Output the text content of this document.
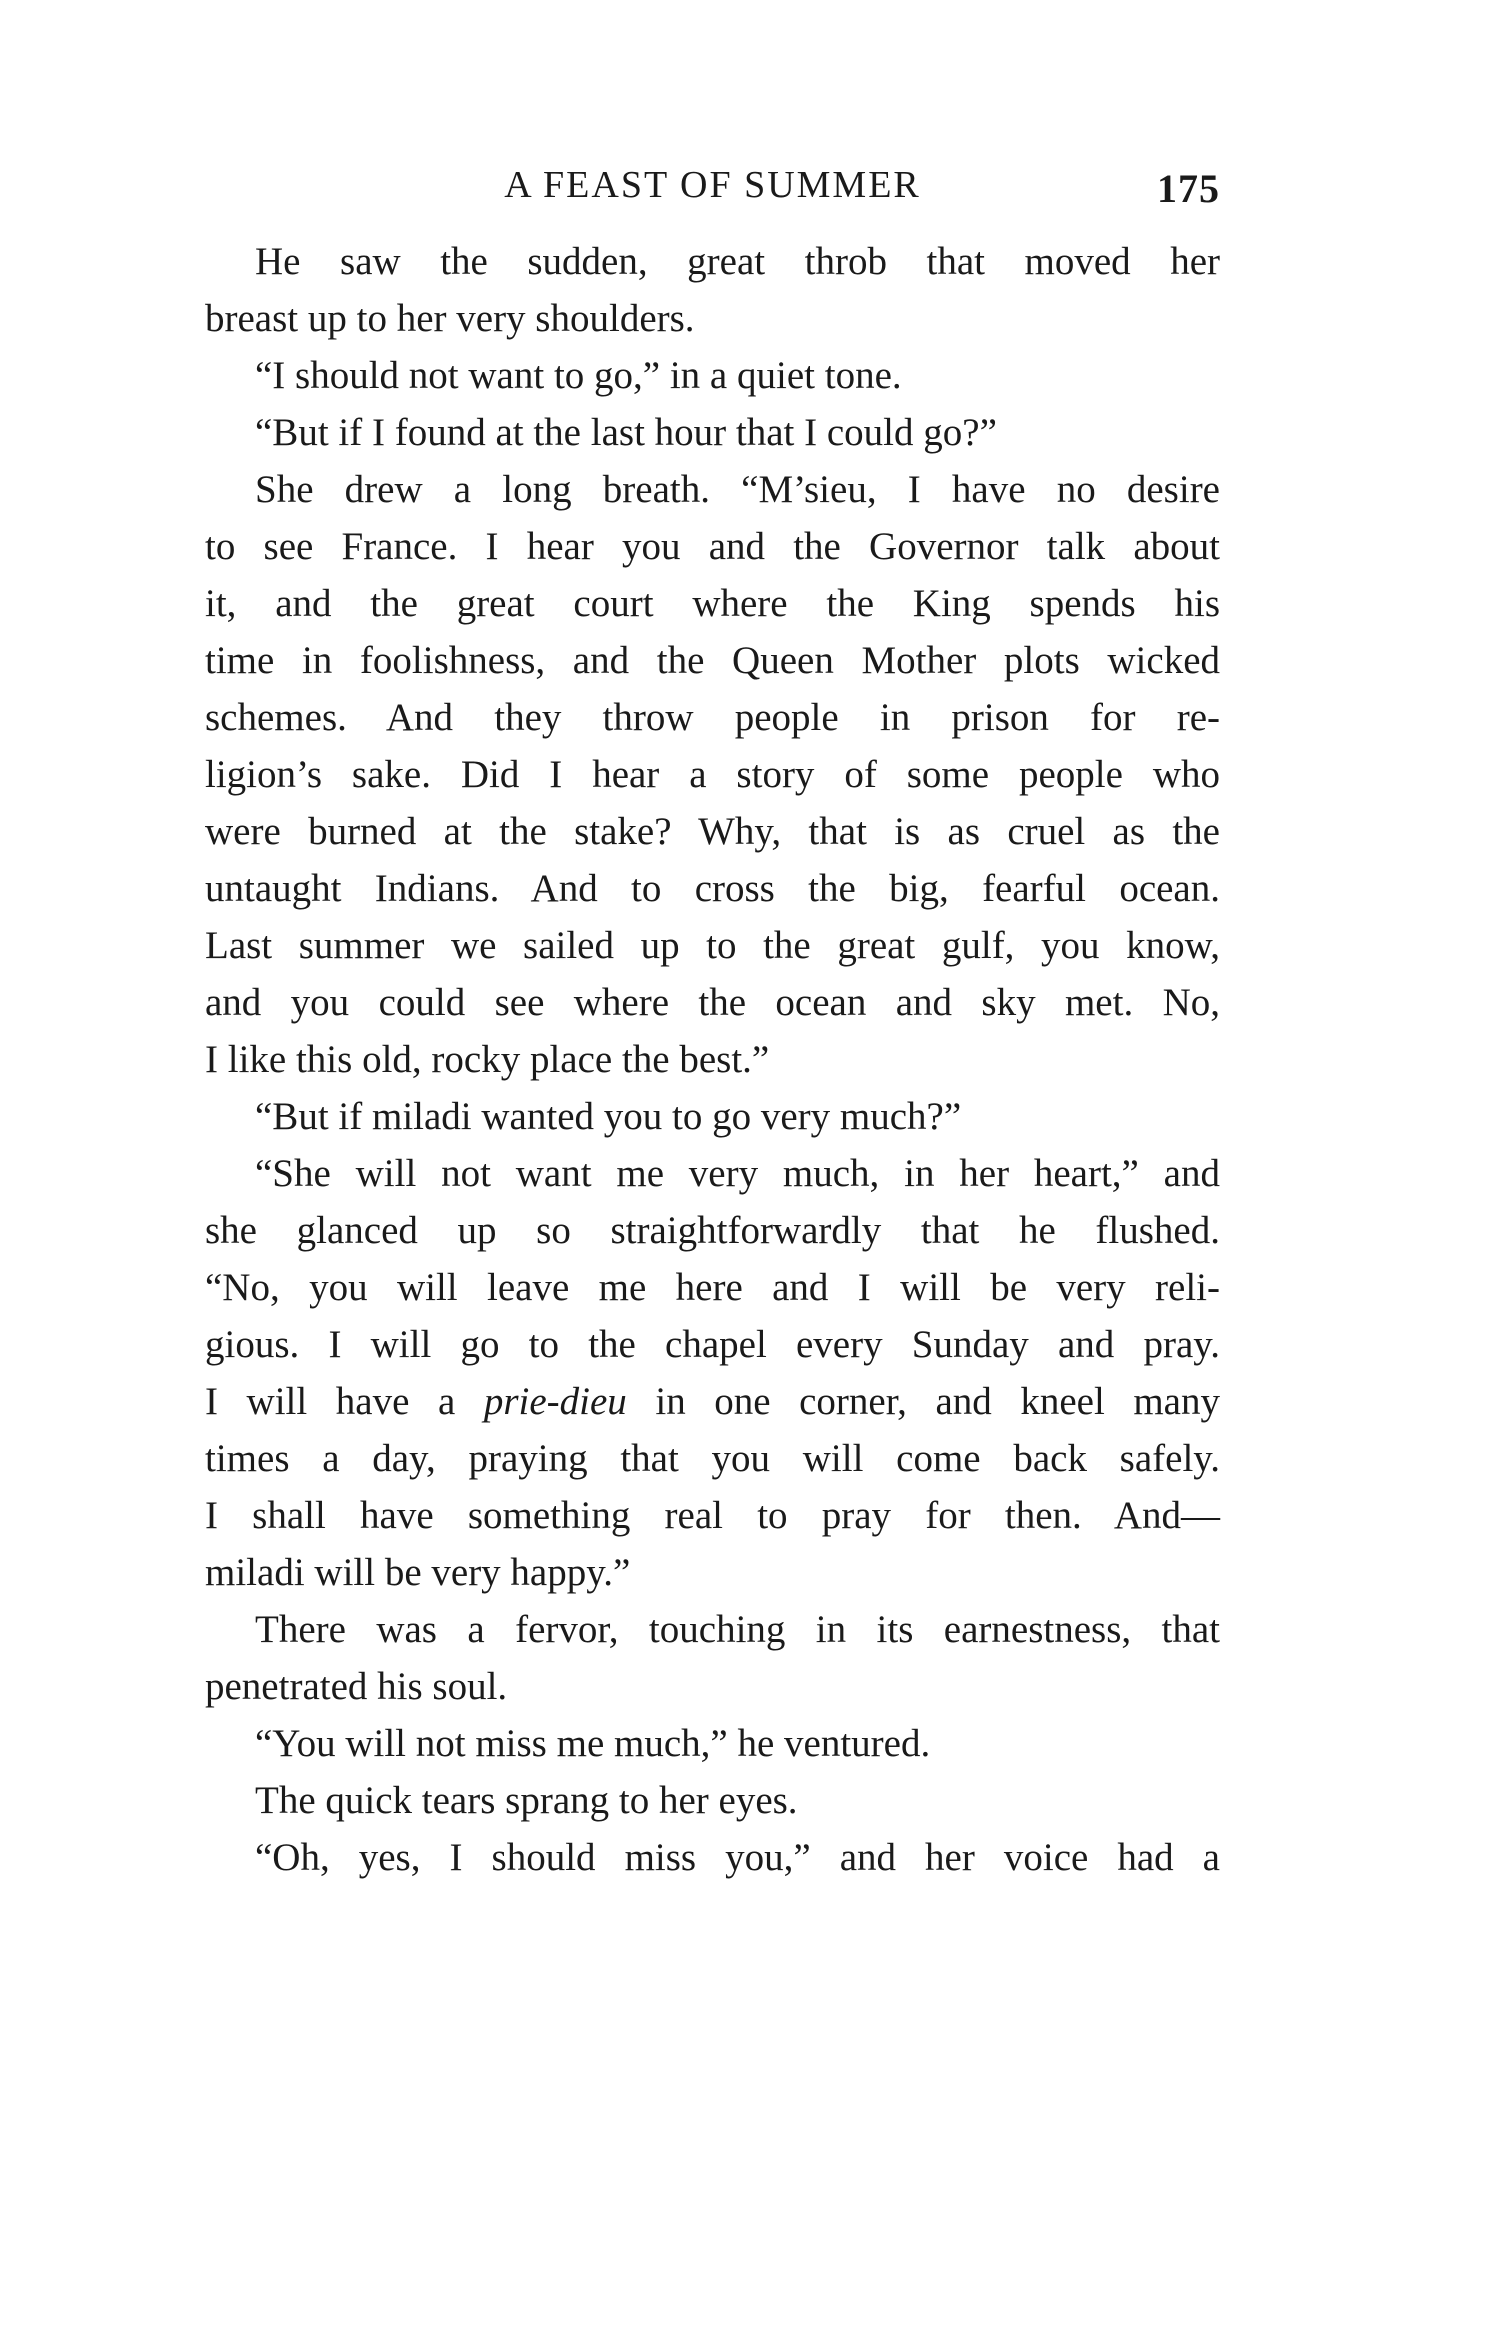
A FEAST OF SUMMER	175
He saw the sudden, great throb that moved her
breast up to her very shoulders.
“I should not want to go,” in a quiet tone.
“But if I found at the last hour that I could go?”
She drew a long breath. “M’sieu, I have no desire
to see France. I hear you and the Governor talk about
it, and the great court where the King spends his
time in foolishness, and the Queen Mother plots wicked
schemes. And they throw people in prison for re-
ligion’s sake. Did I hear a story of some people who
were burned at the stake? Why, that is as cruel as the
untaught Indians. And to cross the big, fearful ocean.
Last summer we sailed up to the great gulf, you know,
and you could see where the ocean and sky met. No,
I like this old, rocky place the best.”
“But if miladi wanted you to go very much?”
“She will not want me very much, in her heart,” and
she glanced up so straightforwardly that he flushed.
“No, you will leave me here and I will be very reli-
gious. I will go to the chapel every Sunday and pray.
I will have a prie-dieu in one corner, and kneel many
times a day, praying that you will come back safely.
I shall have something real to pray for then. And—
miladi will be very happy.”
There was a fervor, touching in its earnestness, that
penetrated his soul.
“You will not miss me much,” he ventured.
The quick tears sprang to her eyes.
“Oh, yes, I should miss you,” and her voice had a
